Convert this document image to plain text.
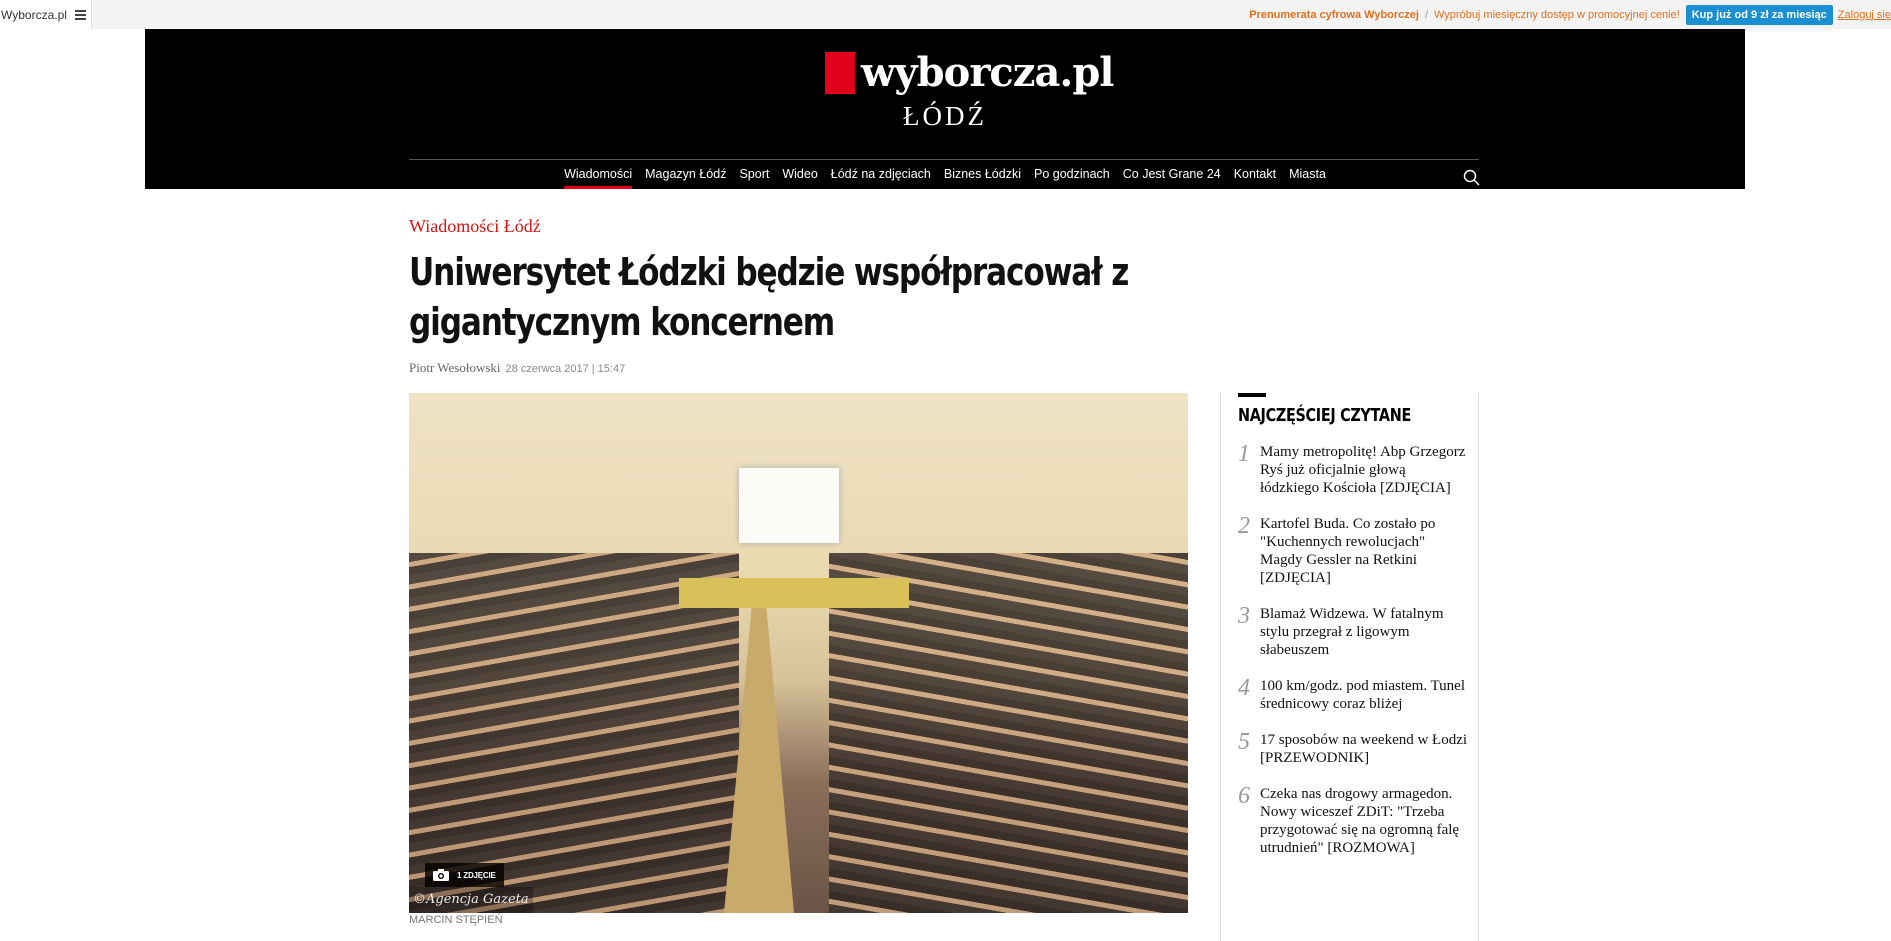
Wyborcza.pl	Prenumerata cyfrowa Wyborczej / Wypróbuj miesięczny dostęp w promocyjnej cenie!	Kup już od 9 zł za miesiąc	Zaloguj się
wyborcza.pl
ŁÓDŹ
Wiadomości Magazyn Łódź Sport Wideo Łódź na zdjęciach Biznes Łódzki Po godzinach Co Jest Grane 24 Kontakt Miasta
Wiadomości Łódź
Uniwersytet Łódzki będzie współpracował z gigantycznym koncernem
Piotr Wesołowski 28 czerwca 2017 | 15:47
1 ZDJĘCIE
©Agencja Gazeta
MARCIN STĘPIEŃ
NAJCZĘŚCIEJ CZYTANE
1 Mamy metropolitę! Abp Grzegorz Ryś już oficjalnie głową łódzkiego Kościoła [ZDJĘCIA]
2 Kartofel Buda. Co zostało po "Kuchennych rewolucjach" Magdy Gessler na Retkini [ZDJĘCIA]
3 Blamaż Widzewa. W fatalnym stylu przegrał z ligowym słabeuszem
4 100 km/godz. pod miastem. Tunel średnicowy coraz bliżej
5 17 sposobów na weekend w Łodzi [PRZEWODNIK]
6 Czeka nas drogowy armagedon. Nowy wiceszef ZDiT: "Trzeba przygotować się na ogromną falę utrudnień" [ROZMOWA]
